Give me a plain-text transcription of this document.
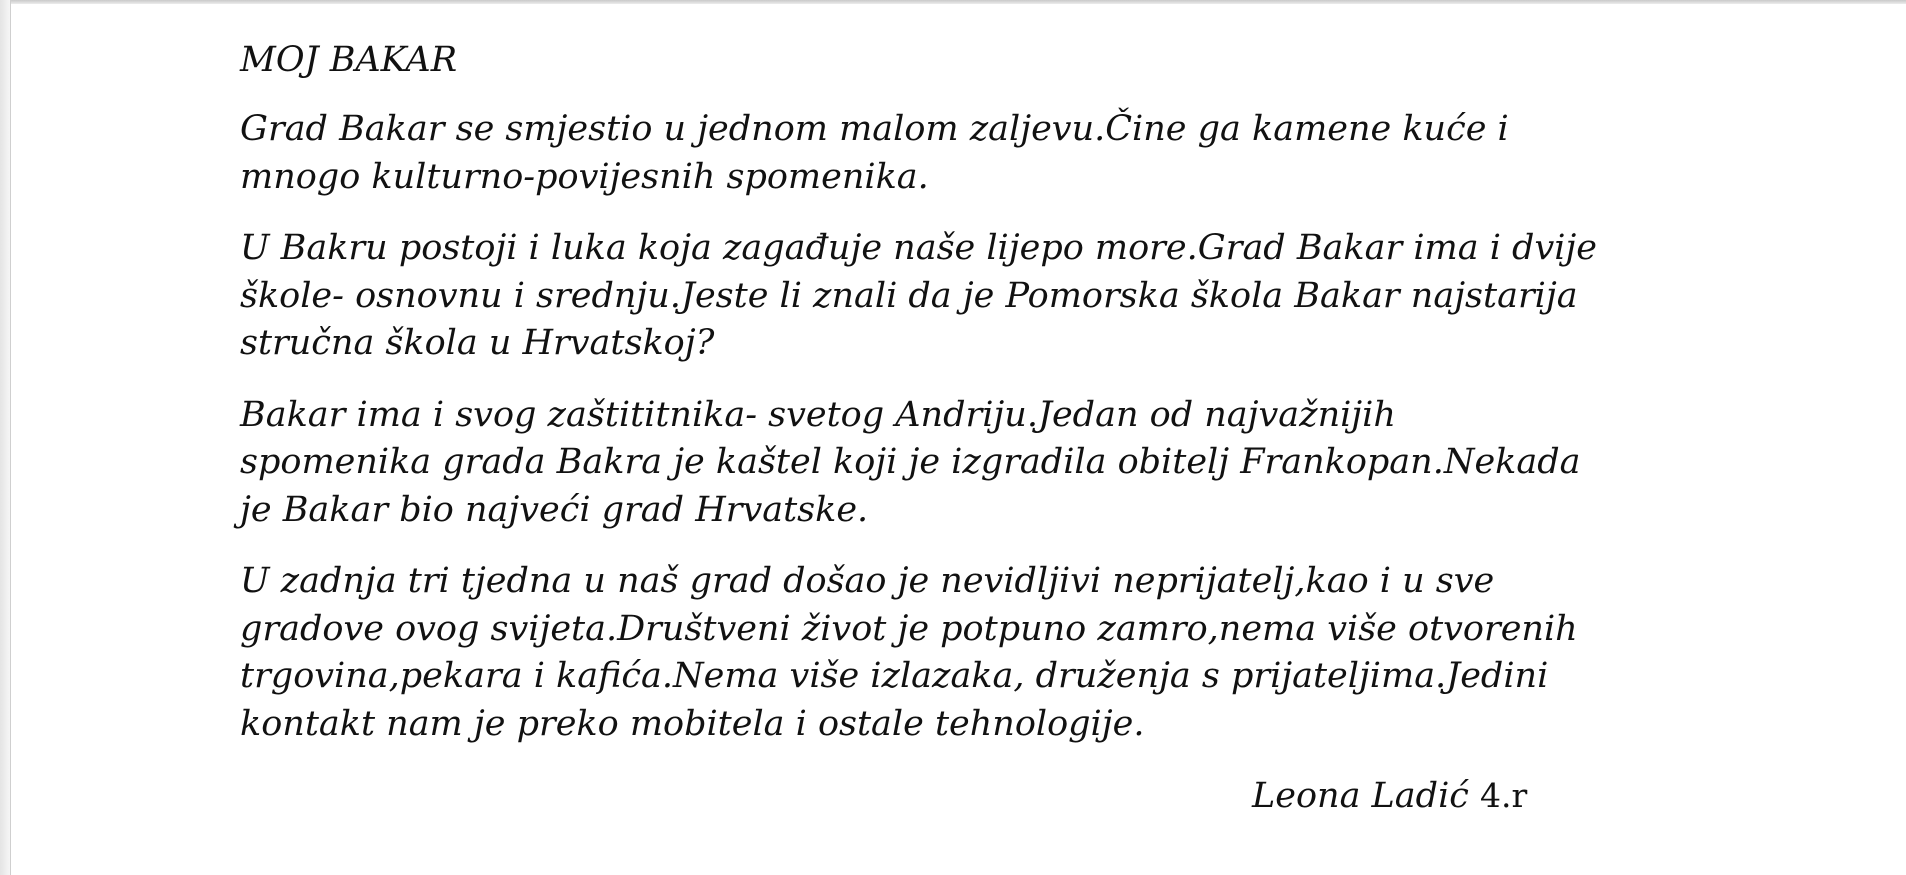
MOJ BAKAR
Grad Bakar se smjestio u jednom malom zaljevu.Čine ga kamene kuće i
mnogo kulturno-povijesnih spomenika.
U Bakru postoji i luka koja zagađuje naše lijepo more.Grad Bakar ima i dvije
škole- osnovnu i srednju.Jeste li znali da je Pomorska škola Bakar najstarija
stručna škola u Hrvatskoj?
Bakar ima i svog zaštititnika- svetog Andriju.Jedan od najvažnijih
spomenika grada Bakra je kaštel koji je izgradila obitelj Frankopan.Nekada
je Bakar bio najveći grad Hrvatske.
U zadnja tri tjedna u naš grad došao je nevidljivi neprijatelj,kao i u sve
gradove ovog svijeta.Društveni život je potpuno zamro,nema više otvorenih
trgovina,pekara i kafića.Nema više izlazaka, druženja s prijateljima.Jedini
kontakt nam je preko mobitela i ostale tehnologije.
Leona Ladić 4.r
